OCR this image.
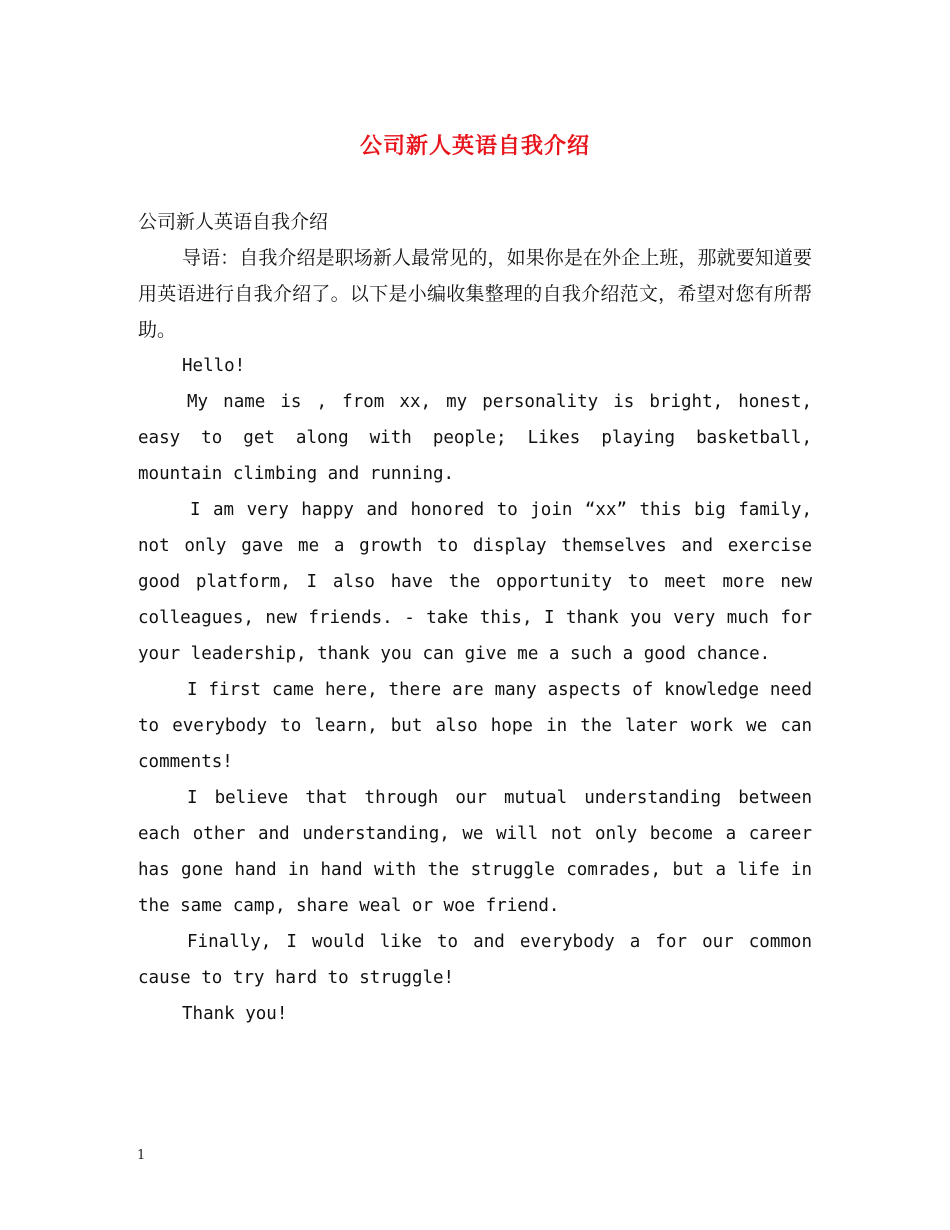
公司新人英语自我介绍

公司新人英语自我介绍

导语：自我介绍是职场新人最常见的，如果你是在外企上班，那就要知道要用英语进行自我介绍了。以下是小编收集整理的自我介绍范文，希望对您有所帮助。

Hello!

My name is , from xx, my personality is bright, honest, easy to get along with people; Likes playing basketball, mountain climbing and running.

I am very happy and honored to join “xx” this big family, not only gave me a growth to display themselves and exercise good platform, I also have the opportunity to meet more new colleagues, new friends. - take this, I thank you very much for your leadership, thank you can give me a such a good chance.

I first came here, there are many aspects of knowledge need to everybody to learn, but also hope in the later work we can comments!

I believe that through our mutual understanding between each other and understanding, we will not only become a career has gone hand in hand with the struggle comrades, but a life in the same camp, share weal or woe friend.

Finally, I would like to and everybody a for our common cause to try hard to struggle!

Thank you!

1
